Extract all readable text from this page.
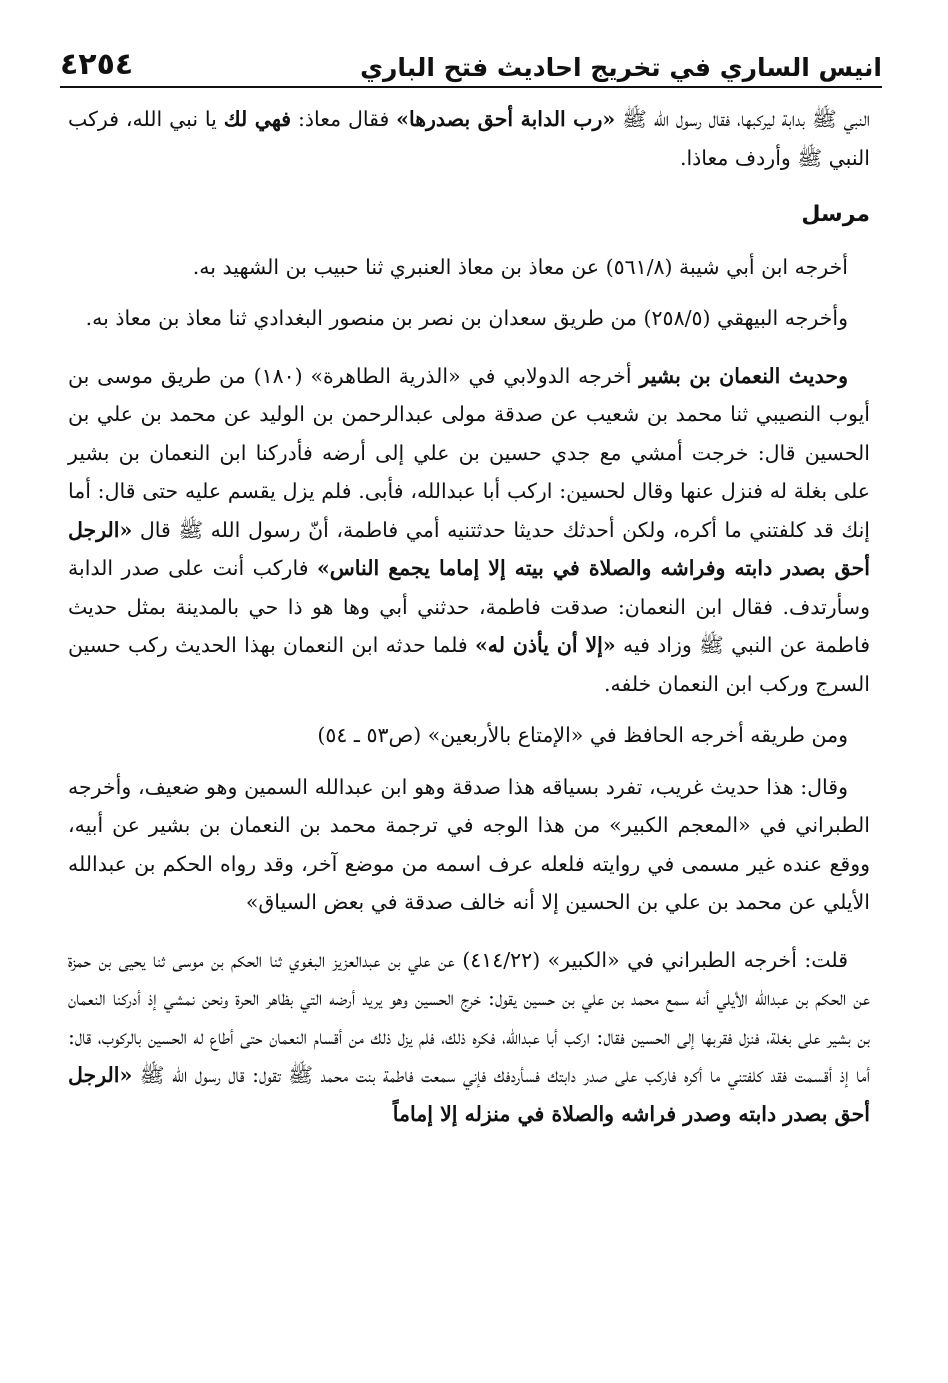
انيس الساري في تخريج احاديث فتح الباري
٤٢٥٤

النبي ﷺ بدابة ليركبها، فقال رسول الله ﷺ «رب الدابة أحق بصدرها» فقال معاذ: فهي لك يا نبي الله، فركب النبي ﷺ وأردف معاذا.

مرسل

أخرجه ابن أبي شيبة (٥٦١/٨) عن معاذ بن معاذ العنبري ثنا حبيب بن الشهيد به.

وأخرجه البيهقي (٢٥٨/٥) من طريق سعدان بن نصر بن منصور البغدادي ثنا معاذ بن معاذ به.

وحديث النعمان بن بشير أخرجه الدولابي في «الذرية الطاهرة» (١٨٠) من طريق موسى بن أيوب النصيبي ثنا محمد بن شعيب عن صدقة مولى عبدالرحمن بن الوليد عن محمد بن علي بن الحسين قال: خرجت أمشي مع جدي حسين بن علي إلى أرضه فأدركنا ابن النعمان بن بشير على بغلة له فنزل عنها وقال لحسين: اركب أبا عبدالله، فأبى. فلم يزل يقسم عليه حتى قال: أما إنك قد كلفتني ما أكره، ولكن أحدثك حديثا حدثتنيه أمي فاطمة، أنّ رسول الله ﷺ قال «الرجل أحق بصدر دابته وفراشه والصلاة في بيته إلا إماما يجمع الناس» فاركب أنت على صدر الدابة وسأرتدف. فقال ابن النعمان: صدقت فاطمة، حدثني أبي وها هو ذا حي بالمدينة بمثل حديث فاطمة عن النبي ﷺ وزاد فيه «إلا أن يأذن له» فلما حدثه ابن النعمان بهذا الحديث ركب حسين السرج وركب ابن النعمان خلفه.

ومن طريقه أخرجه الحافظ في «الإمتاع بالأربعين» (ص٥٣ ـ ٥٤)

وقال: هذا حديث غريب، تفرد بسياقه هذا صدقة وهو ابن عبدالله السمين وهو ضعيف، وأخرجه الطبراني في «المعجم الكبير» من هذا الوجه في ترجمة محمد بن النعمان بن بشير عن أبيه، ووقع عنده غير مسمى في روايته فلعله عرف اسمه من موضع آخر، وقد رواه الحكم بن عبدالله الأيلي عن محمد بن علي بن الحسين إلا أنه خالف صدقة في بعض السياق»

قلت: أخرجه الطبراني في «الكبير» (٤١٤/٢٢) عن علي بن عبدالعزيز البغوي ثنا الحكم بن موسى ثنا يحيى بن حمزة عن الحكم بن عبدالله الأيلي أنه سمع محمد بن علي بن حسين يقول: خرج الحسين وهو يريد أرضه التي بظاهر الحرة ونحن نمشي إذ أدركنا النعمان بن بشير على بغلة، فنزل فقربها إلى الحسين فقال: اركب أبا عبدالله، فكره ذلك، فلم يزل ذلك من أقسام النعمان حتى أطاع له الحسين بالركوب، قال: أما إذ أقسمت فقد كلفتني ما أكره فاركب على صدر دابتك فسأردفك فإني سمعت فاطمة بنت محمد ﷺ تقول: قال رسول الله ﷺ «الرجل أحق بصدر دابته وصدر فراشه والصلاة في منزله إلا إماماً
